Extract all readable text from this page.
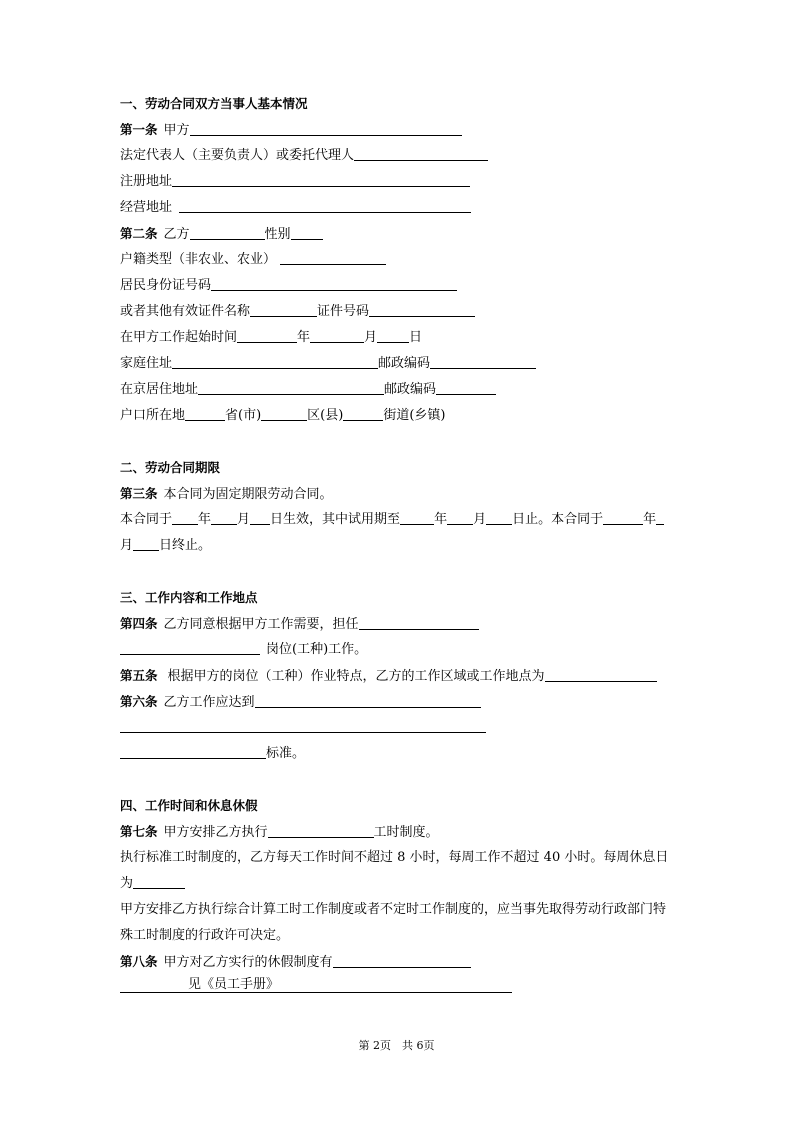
一、劳动合同双方当事人基本情况
第一条 甲方
法定代表人（主要负责人）或委托代理人
注册地址
经营地址
第二条 乙方	性别
户籍类型（非农业、农业）
居民身份证号码
或者其他有效证件名称	证件号码
在甲方工作起始时间	年	月 日
家庭住址	邮政编码
在京居住地址	邮政编码
户口所在地	省(市)	区(县)	街道(乡镇)
二、劳动合同期限
第三条 本合同为固定期限劳动合同。
本合同于 年 月 日生效，其中试用期至	年 月 日止。本合同于	年
月 日终止。
三、工作内容和工作地点
第四条 乙方同意根据甲方工作需要，担任
岗位(工种)工作。
第五条 根据甲方的岗位（工种）作业特点，乙方的工作区域或工作地点为
第六条 乙方工作应达到
标准。
四、工作时间和休息休假
第七条 甲方安排乙方执行	工时制度。
执行标准工时制度的，乙方每天工作时间不超过 8 小时，每周工作不超过 40 小时。每周休息日
为
甲方安排乙方执行综合计算工时工作制度或者不定时工作制度的，应当事先取得劳动行政部门特
殊工时制度的行政许可决定。
第八条 甲方对乙方实行的休假制度有
见《员工手册》
第 2页　共 6页
